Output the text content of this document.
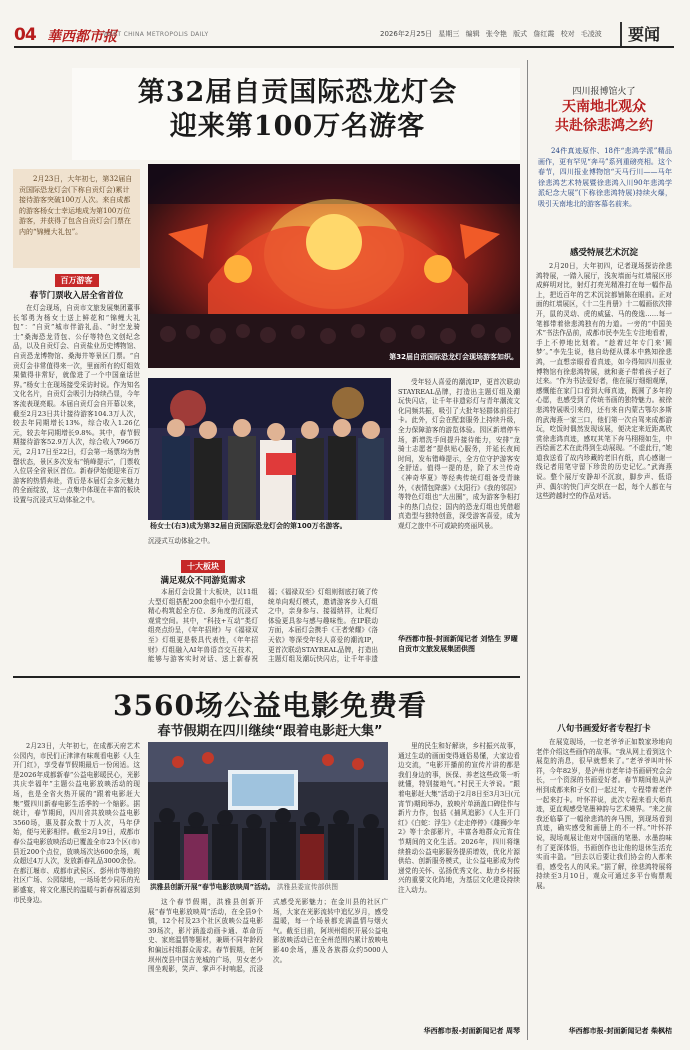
04 華西都市报
WEST CHINA METROPOLIS DAILY	2026年2月25日 星期三 编辑 张令艳 版式 詹红霞 校对 毛凌波	要闻
第32届自贡国际恐龙灯会
迎来第100万名游客
2月23日，大年初七，第32届自贡国际恐龙灯会(下称自贡灯会)累计接待游客突破100万人次。来自成都的游客杨女士幸运地成为第100万位游客，并获得了包含自贡灯会门票在内的“锦鲤大礼包”。
百万游客
春节门票收入居全省首位
在灯会现场，自贡市文旅发展集团董事长邹勇为杨女士送上鲜花和“锦鲤大礼包”：“自贡”城市伴游礼品、“时空龙骑士”桑海恐龙背包、公仔等特色文创纪念品，以及自贡灯会、自贡盐业历史博物馆、自贡恐龙博物馆、桑海井等景区门票。“自贡灯会非常值得来一次，里面所有的灯组效果做得非常好，就像进了一个中国童话世界。”杨女士在现场接受采访时说。作为知名文化名片，自贡灯会吸引力持续凸显，今年客流表现亮眼。本届自贡灯会自开幕以来，截至2月23日共计接待游客104.3万人次，较去年同期增长13%，综合收入1.26亿元，较去年同期增长9.8%。其中，春节假期接待游客52.9万人次，综合收入7966万元，2月17日至22日，灯会第一场票均为售罄状态，景区多次发布“销峰提示”，门票收入位居全省景区首位。新春伊始便迎来百万游客的热情奔赴，背后是本届灯会多元魅力的全面绽放，这一点集中体现在丰富的板块设置与沉浸式互动体验之中。
第32届自贡国际恐龙灯会现场游客如织。
杨女士(右3)成为第32届自贡国际恐龙灯会的第100万名游客。
沉浸式互动体验之中。
十大板块
满足观众不同游览需求
本届灯会设置十大板块，以11组大型灯组搭配200余组中小型灯组，精心构筑起全方位、多角度的沉浸式观赏空间。其中，“科技+互动”类灯组亮点纷呈，《年年招财》与《福禄双至》灯组更是极具代表性，《年年招财》灯组融入AI年兽语音交互技术，能够与游客实时对话、送上新春祝福；《福禄双至》灯组则彻底打破了传统单向观灯模式，邀请游客步入灯组之中，亲身参与、接福纳祥，让观灯体验更具参与感与趣味性。在IP联动方面，本届灯会携手《王者荣耀》《洛天依》等深受年轻人喜爱的潮流IP，更首次联动STAYREAL品牌，打造出主题灯组及潮玩快闪店，让千年非遗
受年轻人喜爱的潮流IP，更首次联动STAYREAL品牌，打造出主题灯组及潮玩快闪店，让千年非遗彩灯与青年潮流文化同频共振，吸引了大批年轻群体前往打卡。此外，灯会在配套服务上持续升级，全力保障游客的游览体验。园区新增停车场，新增洗手间提升接待能力，安排“龙骑士志愿者”提供贴心服务，并延长夜间时间，发布错峰提示，全方位守护游客安全舒适。值得一提的是，除了木兰传奇《神奇华夏》等经典传统灯组备受青睐外，《表情包降落》《太阳行》《我的邻居》等特色灯组也“大出圈”，成为游客争相打卡的热门点位；国内的恐龙灯组也凭借超真造型与独特创意，深受游客喜爱，成为观灯之旅中不可或缺的亮丽风景。
华西都市报-封面新闻记者 刘恪生 罗曜 自贡市文旅发展集团供图
3560场公益电影免费看
春节假期在四川继续“跟着电影赶大集”
2月23日，大年初七，在成都天府艺术公园内，市民们正津津有味观看电影《人生开门红》，享受春节假期最后一份闲适。这是2026年成都新春“公益电影暖民心，光影共庆幸福年”主题公益电影放映活动的现场，也是全省火热开展的“跟着电影赶大集”暨四川新春电影生活季的一个缩影。据统计，春节期间，四川省共放映公益电影3560场，惠及群众数十万人次，马年伊始，便与光影相伴。截至2月19日，成都市春公益电影放映活动已覆盖全市23个区(市)县近200个点位，放映场次达600余场，观众超过4万人次，发放新春礼品3000余份。在都江堰市、成都市武侯区、彭州市等地的社区广场、公园绿地，一场场老少同乐的光影盛宴，将文化惠民的温暖与新春祝福送到市民身边。
洪雅县创新开展“春节电影放映周”活动。 洪雅县委宣传部供图
这个春节假期，洪雅县创新开展“春节电影放映周”活动，在全县9个镇，12个村及23个社区放映公益电影39场次，影片涵盖动画卡通、革命历史、家庭温情等题材，兼顾不同年龄段和偏远村组群众需求。春节假期，在阿坝州茂县中国古羌城的广场，男女老少围坐观影，笑声、掌声不时响起，沉浸式感受光影魅力；在金川县的社区广场，大家在光影流转中追忆岁月，感受温暖，每一个场景都充满温情与烟火气。截至目前，阿坝州组织开展公益电影放映活动已在全州范围内累计放映电影40余场，惠及各族群众约5000人次。
里的民生和好解读，乡村振兴故事，通过生动的画面变得通俗易懂，大家边看边交流，“电影开播前的宣传片讲的都是我们身边的事，医保、养老这些政策一听就懂，特别接地气。”村民王大爷说。“跟着电影赶大集”活动于2月8日至3月3日(元宵节)期间举办，放映片单涵盖口碑佳作与新片力作，包括《捕风追影》《人生开门红》《白蛇：浮生》《走走停停》《雄狮少年2》等十余部影片，丰富各地群众元宵佳节期间的文化生活。2026年，四川将继续推动公益电影服务提质增效，优化片源供给、创新服务模式，让公益电影成为传递党的关怀、弘扬优秀文化、助力乡村振兴的重要文化阵地，为基层文化建设持续注入动力。
华西都市报-封面新闻记者 周琴
四川报博馆火了
天南地北观众
共赴徐悲鸿之约
24件真迹原作、18件“悲鸿学派”精品画作，更有罕见“奔马”系列重磅亮相。这个春节，四川报业博物馆“天马行川——马年徐悲鸿艺术特展暨徐悲鸿入川90年悲鸿学派纪念大展”(下称徐悲鸿特展)持续火爆，吸引天南地北的游客慕名前来。
感受特展艺术沉淀
2月20日，大年初四，记者现场探访徐悲鸿特展，一踏入展厅，浅灰墙面与红墙展区形成鲜明对比，射灯打亮光精准打在每一幅作品上，把近百年的艺术沉淀都铺陈在眼前。正对面的红墙展区，《十二生肖册》十二幅画依次排开，鼠的灵动、虎的威猛、马的俊逸……每一笔都带着徐悲鸿独有的力道。一旁的“中国美术”书法作品前，成都市民李先生专注地看着，手上不停地比划着。“趁着过年专门来‘圆梦’。”李先生说，他自幼便从课本中熟知徐悲鸿，一直想亲眼看看真迹，如今得知四川报业博物馆有徐悲鸿特展，就和妻子带着孩子赶了过来。“作为书法爱好者，他在展厅细细观摩，感慨能在家门口看到大师真迹，既圆了多年的心愿，也感受到了传统书画的独特魅力。被徐悲鸿特展吸引来的，还有来自内蒙古鄂尔多斯的武海燕一家三口，他们第一次自驾来成都游玩，吃饭时偶然发现该展，便决定来近距离欣赏徐悲鸿真迹，感叹其笔下奔马栩栩如生，中西绘画艺术在此得到生动展现。“不虚此行，”她道我送看了故内珍藏的老旧有纸，真心感谢一线记者用笔守留下珍贵的历史记忆。”武海燕说。整个展厅安静却不沉寂，脚步声、低语声、偶尔的快门声交织在一起，每个人都在与这些跨越时空的作品对话。
八旬书画爱好者专程打卡
在展览现场，一位老爷爷正如数家珍地向老伴介绍这些画作的故事。“我从网上看到这个展览的消息，很早就想来了。”老爷爷叫叶怀祥，今年82岁，是泸州市老年诗书画研究会会长，一个资深的书画爱好者。春节期间他从泸州到成都来和子女们一起过年，专程带着老伴一起来打卡。叶怀祥说，此次专程来看大师真迹，更直观感受笔墨神韵与艺术境界。“来之前我还临摹了一幅徐悲鸿的奔马图，到现场看到真迹，确实感受和画册上的不一样。”叶怀祥说，现场观展让他对中国画的笔墨、水墨韵味有了更深体悟，书画创作也让他的退休生活充实而丰盈。“回去以后要让我们协会的人都来看，感受名人的风采。”据了解，徐悲鸿特展将持续至3月10日，观众可通过多平台购票观展。
华西都市报-封面新闻记者 柴枫桔
